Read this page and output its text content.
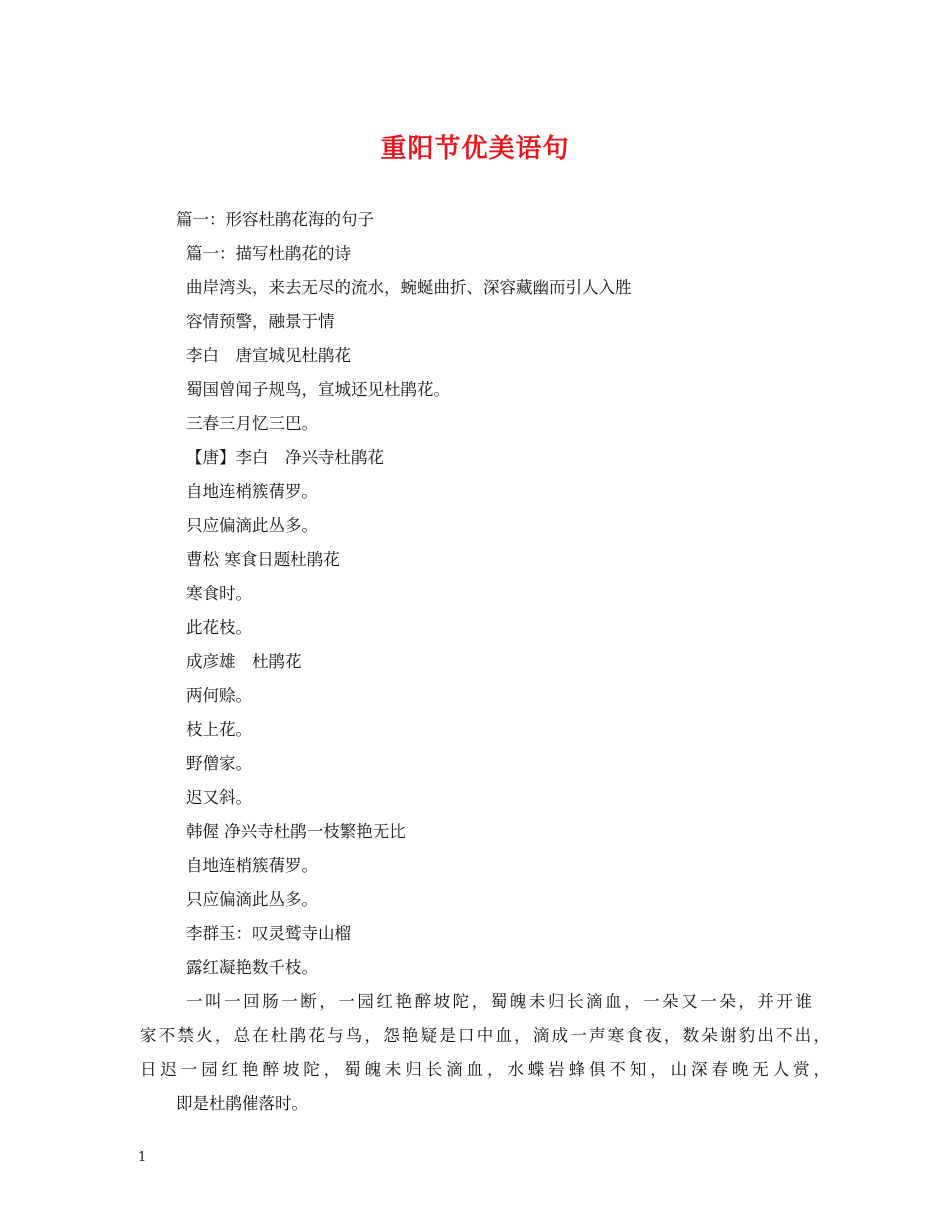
重阳节优美语句

篇一：形容杜鹃花海的句子

篇一：描写杜鹃花的诗

曲岸湾头，来去无尽的流水，蜿蜒曲折、深容藏幽而引人入胜

容情预警，融景于情

李白　唐宣城见杜鹃花

蜀国曾闻子规鸟，宣城还见杜鹃花。

三春三月忆三巴。

【唐】李白　净兴寺杜鹃花

自地连梢簇蒨罗。

只应偏滴此丛多。

曹松 寒食日题杜鹃花

寒食时。

此花枝。

成彦雄　杜鹃花

两何赊。

枝上花。

野僧家。

迟又斜。

韩偓 净兴寺杜鹃一枝繁艳无比

自地连梢簇蒨罗。

只应偏滴此丛多。

李群玉：叹灵鹫寺山榴

露红凝艳数千枝。

一叫一回肠一断，一园红艳醉坡陀，蜀魄未归长滴血，一朵又一朵，并开谁

家不禁火，总在杜鹃花与鸟，怨艳疑是口中血，滴成一声寒食夜，数朵谢豹出不出，

日迟一园红艳醉坡陀，蜀魄未归长滴血，水蝶岩蜂俱不知，山深春晚无人赏，

即是杜鹃催落时。

1
